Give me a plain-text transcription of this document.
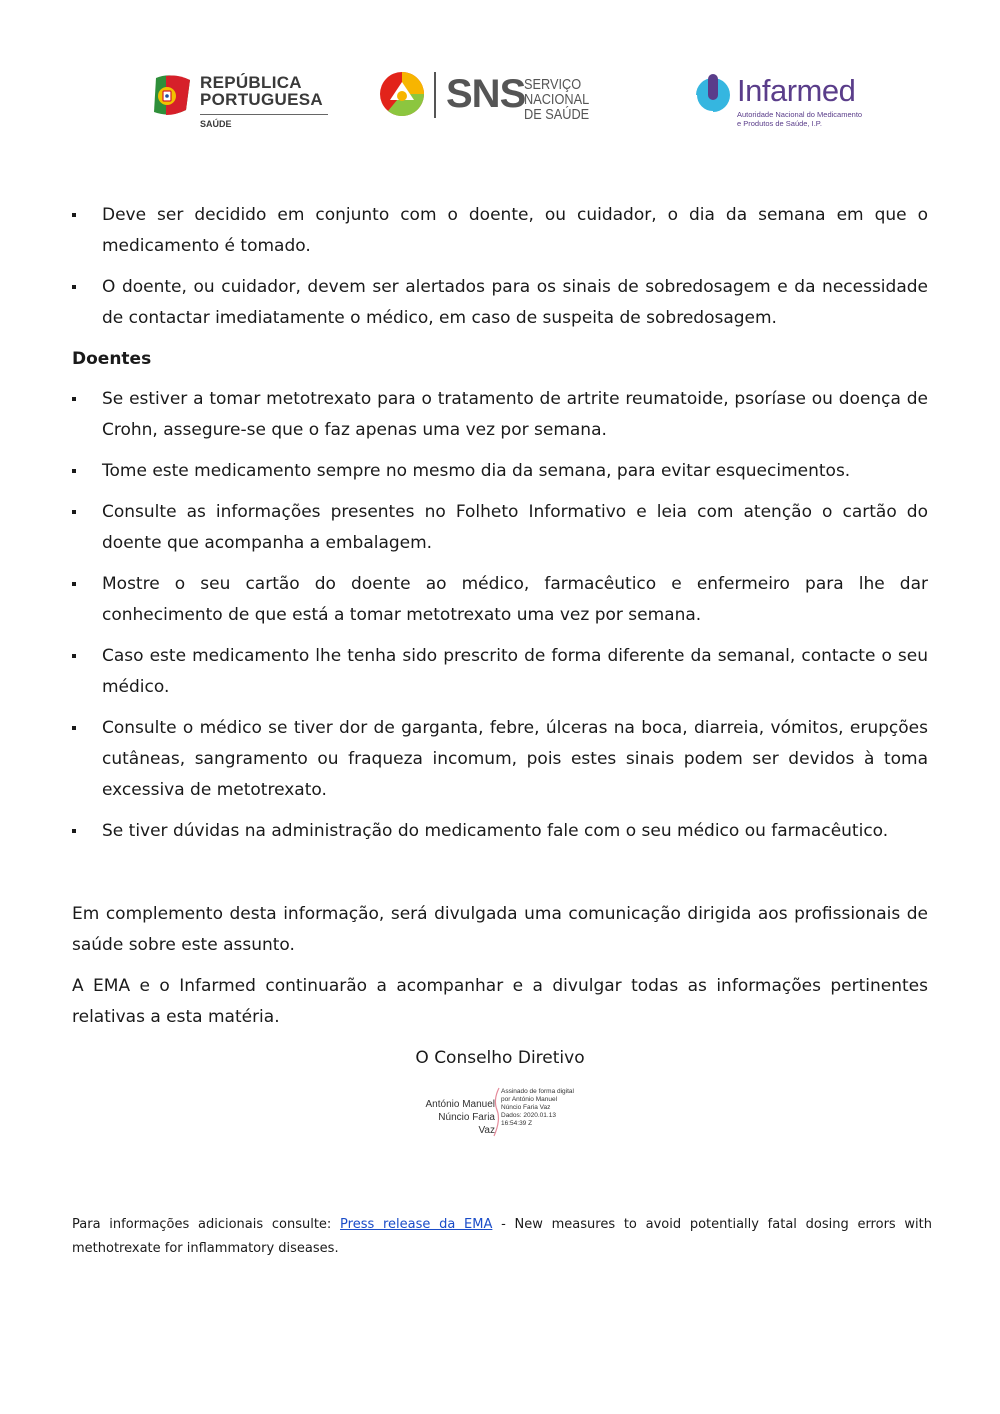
REPÚBLICA
PORTUGUESA
SAÚDE
SNS
SERVIÇO NACIONAL
DE SAÚDE
Infarmed
Autoridade Nacional do Medicamento
e Produtos de Saúde, I.P.
Deve ser decidido em conjunto com o doente, ou cuidador, o dia da semana em que o medicamento é tomado.
O doente, ou cuidador, devem ser alertados para os sinais de sobredosagem e da necessidade de contactar imediatamente o médico, em caso de suspeita de sobredosagem.

Doentes

Se estiver a tomar metotrexato para o tratamento de artrite reumatoide, psoríase ou doença de Crohn, assegure-se que o faz apenas uma vez por semana.
Tome este medicamento sempre no mesmo dia da semana, para evitar esquecimentos.
Consulte as informações presentes no Folheto Informativo e leia com atenção o cartão do doente que acompanha a embalagem.
Mostre o seu cartão do doente ao médico, farmacêutico e enfermeiro para lhe dar conhecimento de que está a tomar metotrexato uma vez por semana.
Caso este medicamento lhe tenha sido prescrito de forma diferente da semanal, contacte o seu médico.
Consulte o médico se tiver dor de garganta, febre, úlceras na boca, diarreia, vómitos, erupções cutâneas, sangramento ou fraqueza incomum, pois estes sinais podem ser devidos à toma excessiva de metotrexato.
Se tiver dúvidas na administração do medicamento fale com o seu médico ou farmacêutico.

Em complemento desta informação, será divulgada uma comunicação dirigida aos profissionais de saúde sobre este assunto.

A EMA e o Infarmed continuarão a acompanhar e a divulgar todas as informações pertinentes relativas a esta matéria.

O Conselho Diretivo

António Manuel
Núncio Faria Vaz
Assinado de forma digital
por António Manuel
Núncio Faria Vaz
Dados: 2020.01.13
16:54:39 Z

Para informações adicionais consulte: Press release da EMA - New measures to avoid potentially fatal dosing errors with methotrexate for inflammatory diseases.
